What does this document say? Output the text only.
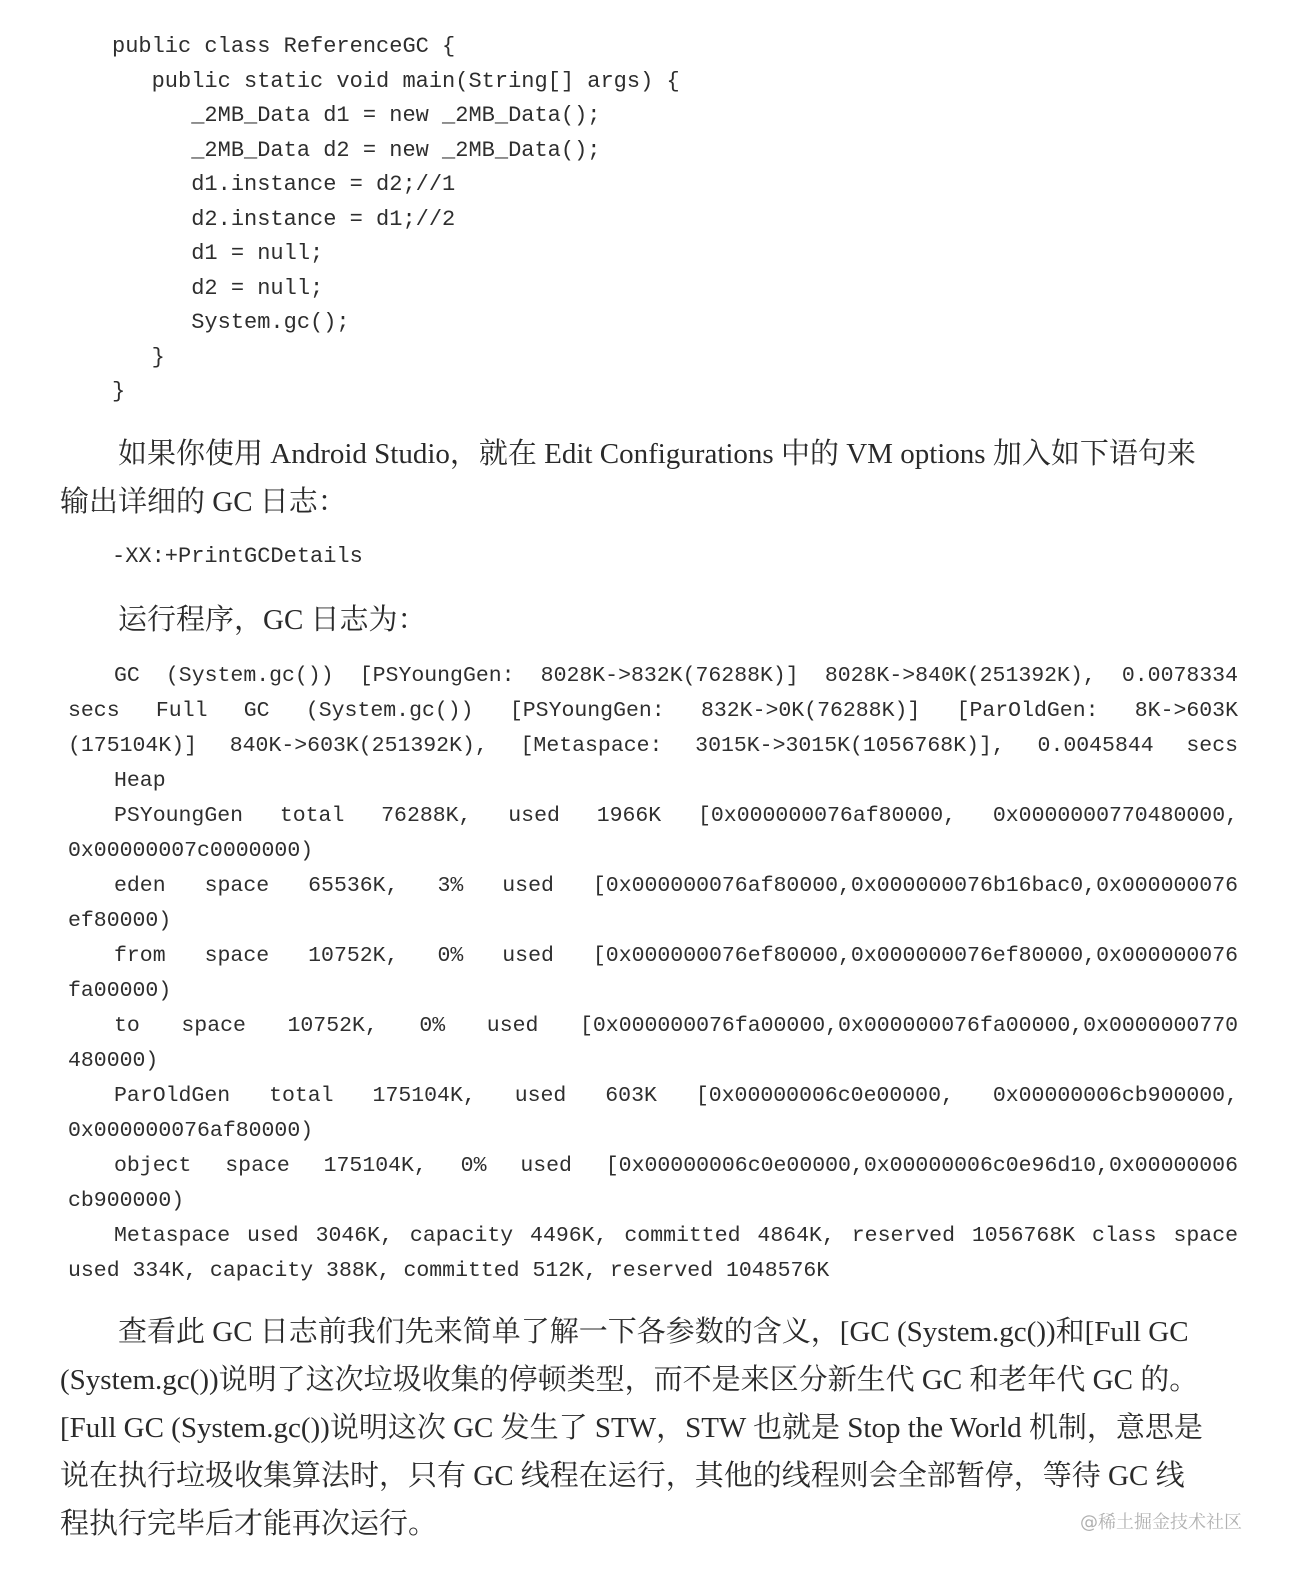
public class ReferenceGC {
public static void main(String[] args) {
_2MB_Data d1 = new _2MB_Data();
_2MB_Data d2 = new _2MB_Data();
d1.instance = d2;//1
d2.instance = d1;//2
d1 = null;
d2 = null;
System.gc();
}
}
如果你使用 Android Studio，就在 Edit Configurations 中的 VM options 加入如下语句来
输出详细的 GC 日志：
-XX:+PrintGCDetails
运行程序，GC 日志为：
GC (System.gc()) [PSYoungGen: 8028K->832K(76288K)] 8028K->840K(251392K), 0.0078334
secs Full GC (System.gc()) [PSYoungGen: 832K->0K(76288K)] [ParOldGen: 8K->603K
(175104K)] 840K->603K(251392K), [Metaspace: 3015K->3015K(1056768K)], 0.0045844 secs
Heap
PSYoungGen total 76288K, used 1966K [0x000000076af80000, 0x0000000770480000,
0x00000007c0000000)
eden space 65536K, 3% used [0x000000076af80000,0x000000076b16bac0,0x000000076
ef80000)
from space 10752K, 0% used [0x000000076ef80000,0x000000076ef80000,0x000000076
fa00000)
to space 10752K, 0% used [0x000000076fa00000,0x000000076fa00000,0x0000000770
480000)
ParOldGen total 175104K, used 603K [0x00000006c0e00000, 0x00000006cb900000,
0x000000076af80000)
object space 175104K, 0% used [0x00000006c0e00000,0x00000006c0e96d10,0x00000006
cb900000)
Metaspace used 3046K, capacity 4496K, committed 4864K, reserved 1056768K class space
used 334K, capacity 388K, committed 512K, reserved 1048576K
查看此 GC 日志前我们先来简单了解一下各参数的含义，[GC (System.gc())和[Full GC
(System.gc())说明了这次垃圾收集的停顿类型，而不是来区分新生代 GC 和老年代 GC 的。
[Full GC (System.gc())说明这次 GC 发生了 STW，STW 也就是 Stop the World 机制，意思是
说在执行垃圾收集算法时，只有 GC 线程在运行，其他的线程则会全部暂停，等待 GC 线
程执行完毕后才能再次运行。	@稀土掘金技术社区
